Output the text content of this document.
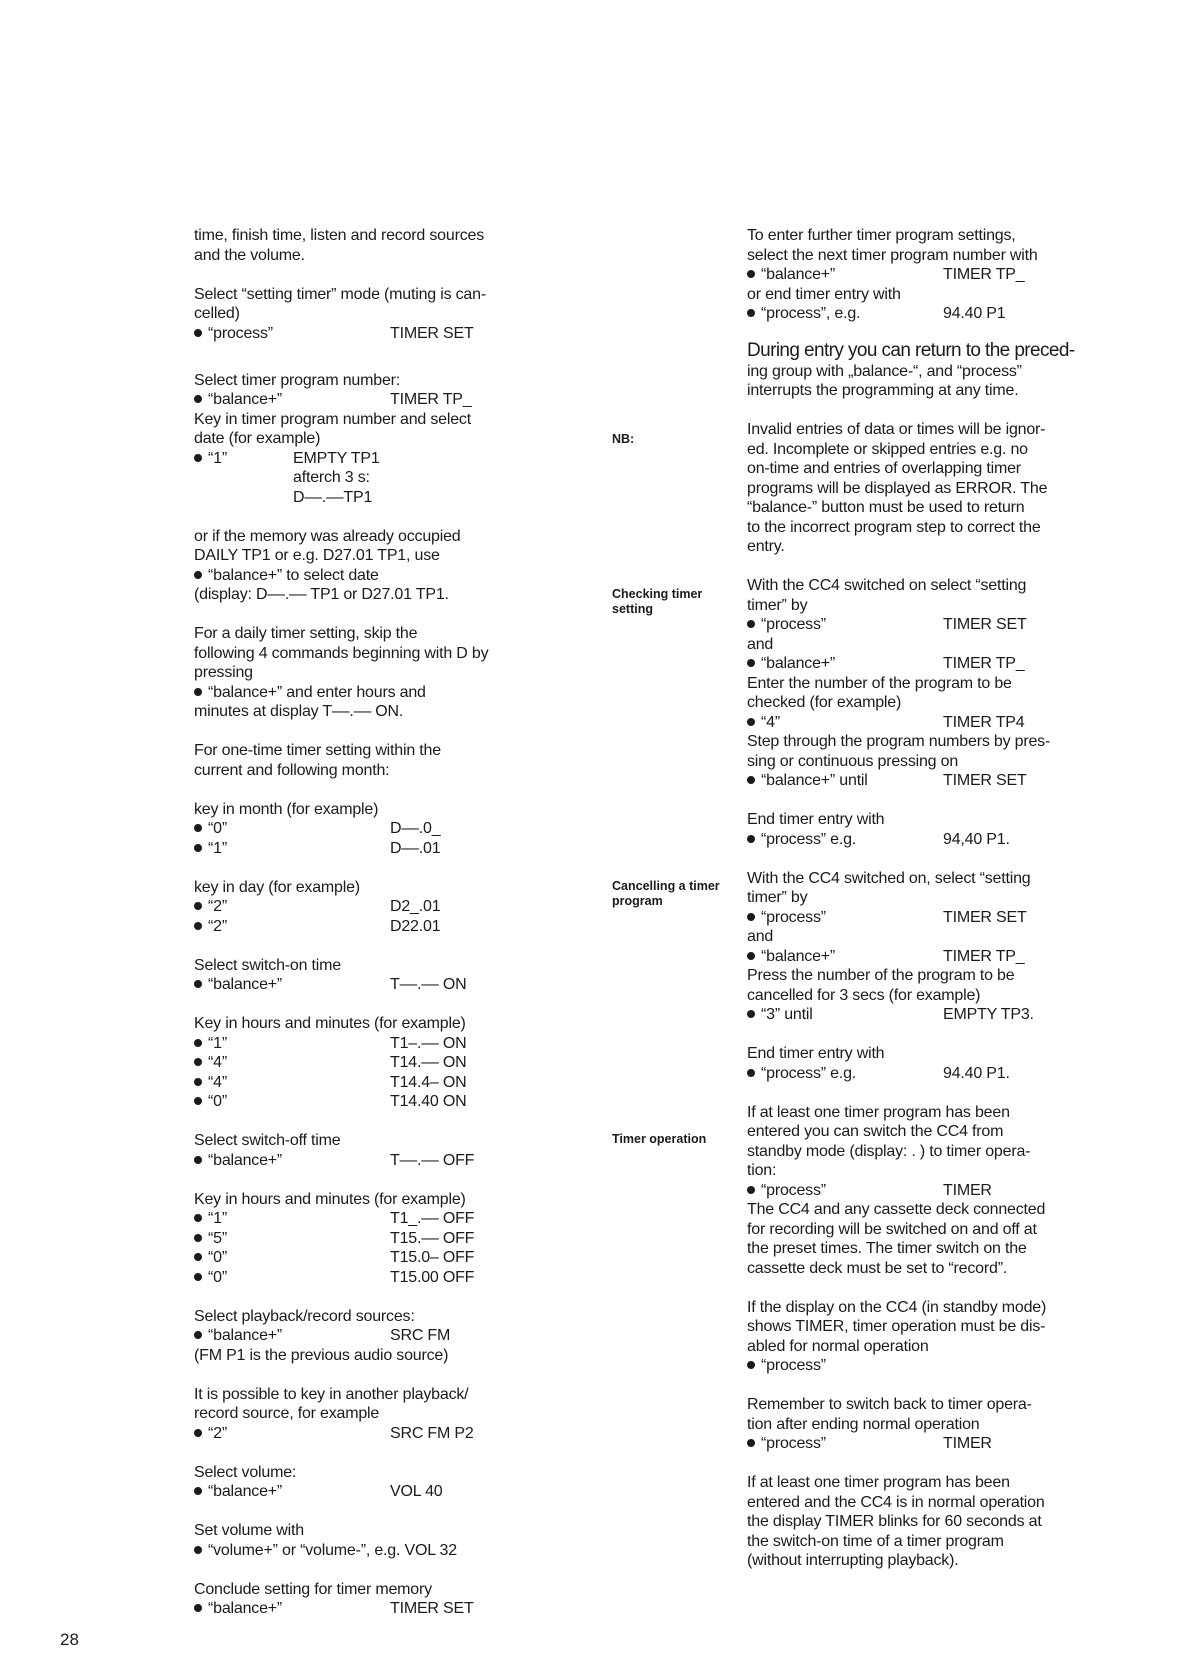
time, finish time, listen and record sources
and the volume.
Select “setting timer” mode (muting is can-
celled)
“process”	TIMER SET
Select timer program number:
“balance+”	TIMER TP_
Key in timer program number and select
date (for example)
“1”	EMPTY TP1
afterch 3 s:
D––.––TP1
or if the memory was already occupied
DAILY TP1 or e.g. D27.01 TP1, use
“balance+” to select date
(display: D––.–– TP1 or D27.01 TP1.
For a daily timer setting, skip the
following 4 commands beginning with D by
pressing
“balance+” and enter hours and
minutes at display T––.–– ON.
For one-time timer setting within the
current and following month:
key in month (for example)
“0”	D––.0_
“1”	D––.01
key in day (for example)
“2”	D2_.01
“2”	D22.01
Select switch-on time
“balance+”	T––.–– ON
Key in hours and minutes (for example)
“1”	T1–.–– ON
“4”	T14.–– ON
“4”	T14.4– ON
“0”	T14.40 ON
Select switch-off time
“balance+”	T––.–– OFF
Key in hours and minutes (for example)
“1”	T1_.–– OFF
“5”	T15.–– OFF
“0”	T15.0– OFF
“0”	T15.00 OFF
Select playback/record sources:
“balance+”	SRC FM
(FM P1 is the previous audio source)
It is possible to key in another playback/
record source, for example
“2”	SRC FM P2
Select volume:
“balance+”	VOL 40
Set volume with
“volume+” or “volume-”, e.g. VOL 32
Conclude setting for timer memory
“balance+”	TIMER SET
NB:
Checking timer
setting
Cancelling a timer
program
Timer operation
To enter further timer program settings,
select the next timer program number with
“balance+”	TIMER TP_
or end timer entry with
“process”, e.g.	94.40 P1
During entry you can return to the preced-
ing group with „balance-“, and “process”
interrupts the programming at any time.
Invalid entries of data or times will be ignor-
ed. Incomplete or skipped entries e.g. no
on-time and entries of overlapping timer
programs will be displayed as ERROR. The
“balance-” button must be used to return
to the incorrect program step to correct the
entry.
With the CC4 switched on select “setting
timer” by
“process”	TIMER SET
and
“balance+”	TIMER TP_
Enter the number of the program to be
checked (for example)
“4”	TIMER TP4
Step through the program numbers by pres-
sing or continuous pressing on
“balance+” until	TIMER SET
End timer entry with
“process” e.g.	94,40 P1.
With the CC4 switched on, select “setting
timer” by
“process”	TIMER SET
and
“balance+”	TIMER TP_
Press the number of the program to be
cancelled for 3 secs (for example)
“3” until	EMPTY TP3.
End timer entry with
“process” e.g.	94.40 P1.
If at least one timer program has been
entered you can switch the CC4 from
standby mode (display: . ) to timer opera-
tion:
“process”	TIMER
The CC4 and any cassette deck connected
for recording will be switched on and off at
the preset times. The timer switch on the
cassette deck must be set to “record”.
If the display on the CC4 (in standby mode)
shows TIMER, timer operation must be dis-
abled for normal operation
“process”
Remember to switch back to timer opera-
tion after ending normal operation
“process”	TIMER
If at least one timer program has been
entered and the CC4 is in normal operation
the display TIMER blinks for 60 seconds at
the switch-on time of a timer program
(without interrupting playback).
28
